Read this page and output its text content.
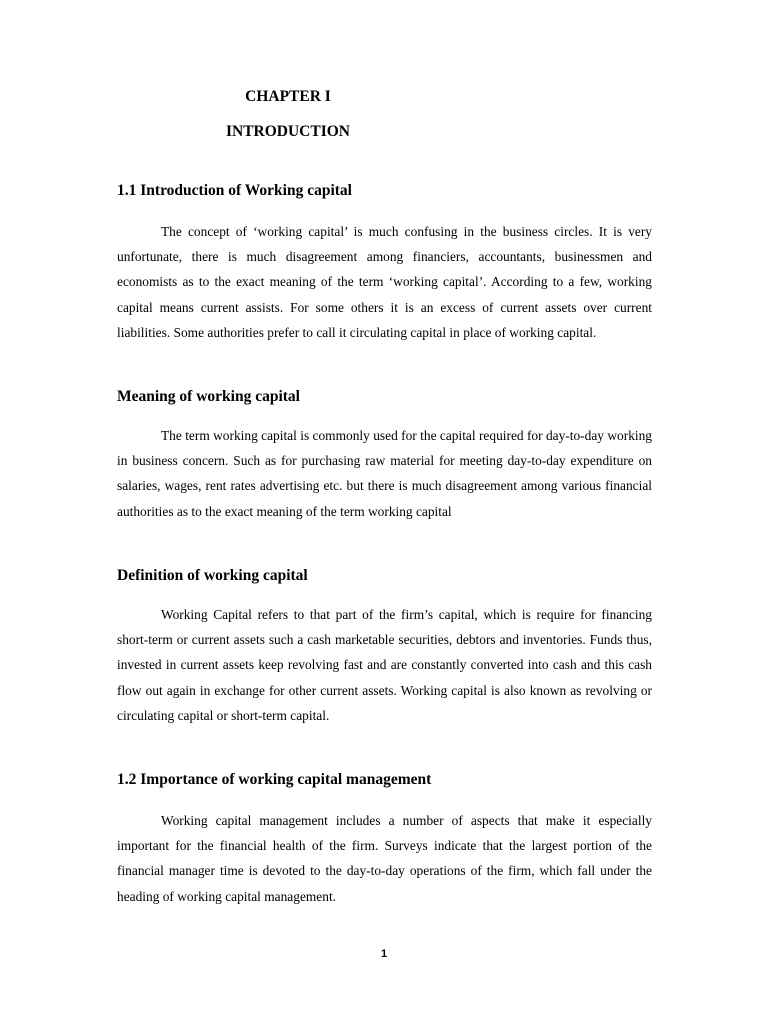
CHAPTER I
INTRODUCTION
1.1 Introduction of Working capital

The concept of ‘working capital’ is much confusing in the business circles. It is very unfortunate, there is much disagreement among financiers, accountants, businessmen and economists as to the exact meaning of the term ‘working capital’. According to a few, working capital means current assists. For some others it is an excess of current assets over current liabilities. Some authorities prefer to call it circulating capital in place of working capital.

Meaning of working capital

The term working capital is commonly used for the capital required for day-to-day working in business concern. Such as for purchasing raw material for meeting day-to-day expenditure on salaries, wages, rent rates advertising etc. but there is much disagreement among various financial authorities as to the exact meaning of the term working capital

Definition of working capital

Working Capital refers to that part of the firm’s capital, which is require for financing short-term or current assets such a cash marketable securities, debtors and inventories. Funds thus, invested in current assets keep revolving fast and are constantly converted into cash and this cash flow out again in exchange for other current assets. Working capital is also known as revolving or circulating capital or short-term capital.

1.2 Importance of working capital management

Working capital management includes a number of aspects that make it especially important for the financial health of the firm. Surveys indicate that the largest portion of the financial manager time is devoted to the day-to-day operations of the firm, which fall under the heading of working capital management.

1
